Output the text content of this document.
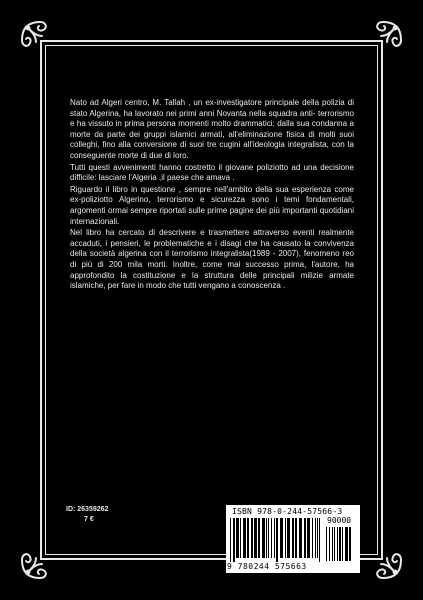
Nato ad Algeri centro, M. Tallah , un ex-investigatore principale della polizia di stato Algerina, ha lavorato nei primi anni Novanta nella squadra anti- terrorismo e ha vissuto in prima persona momenti molto drammatici: dalla sua condanna a morte da parte dei gruppi islamici armati, all'eliminazione fisica di molti suoi colleghi, fino alla conversione di suoi tre cugini all'ideologia integralista, con la conseguente morte di due di loro.

Tutti questi avvenimenti hanno costretto il giovane poliziotto ad una decisione difficile: lasciare l'Algeria ,il paese che amava .

Riguardo il libro in questione , sempre nell'ambito della sua esperienza come ex-poliziotto Algerino, terrorismo e sicurezza sono i temi fondamentali, argomenti ormai sempre riportati sulle prime pagine dei più importanti quotidiani internazionali.

Nel libro ha cercato di descrivere e trasmettere attraverso eventi realmente accaduti, i pensieri, le problematiche e i disagi che ha causato la convivenza della società algerina con il terrorismo integralista(1989 - 2007), fenomeno reo di più di 200 mila morti. Inoltre, come mai successo prima, l'autore, ha approfondito la costituzione e la struttura delle principali milizie armate islamiche, per fare in modo che tutti vengano a conoscenza .

ID: 26359262
7 €
ISBN 978-0-244-57566-3
90000
9 780244 575663
